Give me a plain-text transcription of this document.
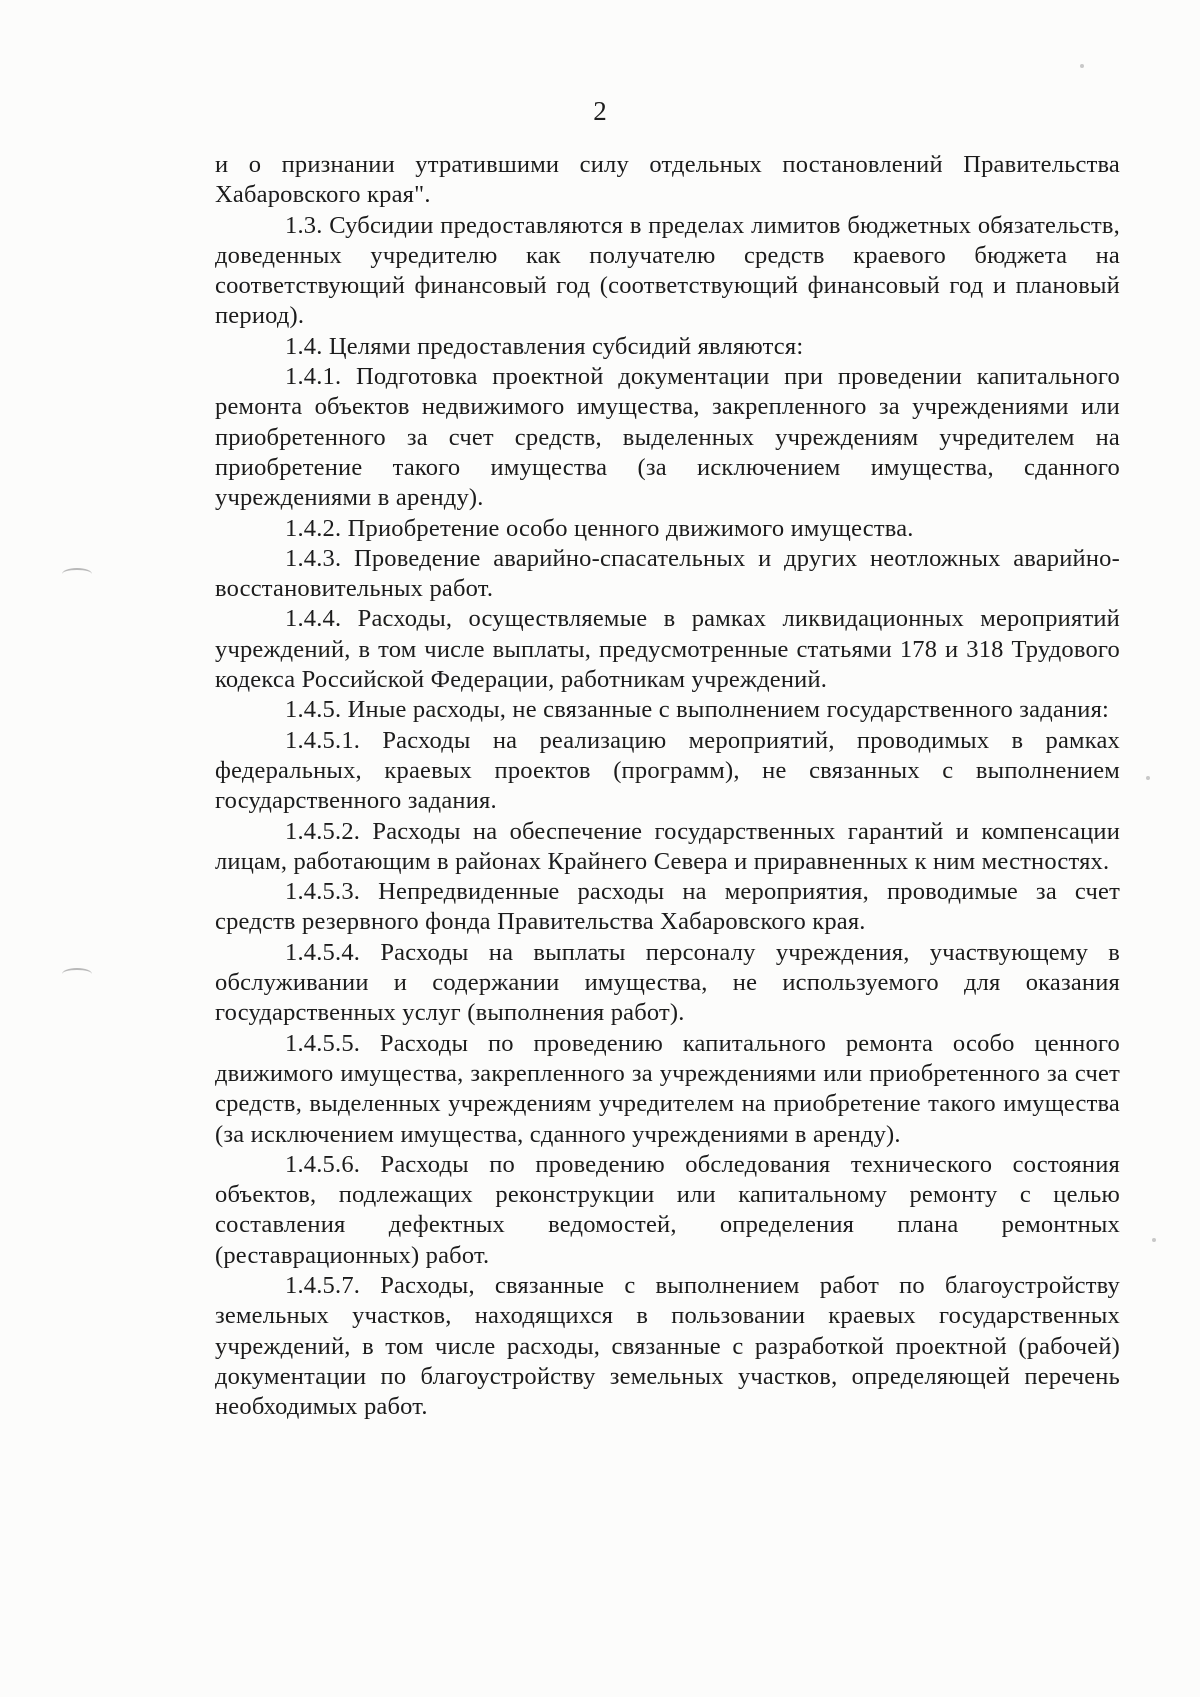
2

и о признании утратившими силу отдельных постановлений Правительства Хабаровского края".

1.3. Субсидии предоставляются в пределах лимитов бюджетных обязательств, доведенных учредителю как получателю средств краевого бюджета на соответствующий финансовый год (соответствующий финансовый год и плановый период).

1.4. Целями предоставления субсидий являются:

1.4.1. Подготовка проектной документации при проведении капитального ремонта объектов недвижимого имущества, закрепленного за учреждениями или приобретенного за счет средств, выделенных учреждениям учредителем на приобретение такого имущества (за исключением имущества, сданного учреждениями в аренду).

1.4.2. Приобретение особо ценного движимого имущества.

1.4.3. Проведение аварийно-спасательных и других неотложных аварийно-восстановительных работ.

1.4.4. Расходы, осуществляемые в рамках ликвидационных мероприятий учреждений, в том числе выплаты, предусмотренные статьями 178 и 318 Трудового кодекса Российской Федерации, работникам учреждений.

1.4.5. Иные расходы, не связанные с выполнением государственного задания:

1.4.5.1. Расходы на реализацию мероприятий, проводимых в рамках федеральных, краевых проектов (программ), не связанных с выполнением государственного задания.

1.4.5.2. Расходы на обеспечение государственных гарантий и компенсации лицам, работающим в районах Крайнего Севера и приравненных к ним местностях.

1.4.5.3. Непредвиденные расходы на мероприятия, проводимые за счет средств резервного фонда Правительства Хабаровского края.

1.4.5.4. Расходы на выплаты персоналу учреждения, участвующему в обслуживании и содержании имущества, не используемого для оказания государственных услуг (выполнения работ).

1.4.5.5. Расходы по проведению капитального ремонта особо ценного движимого имущества, закрепленного за учреждениями или приобретенного за счет средств, выделенных учреждениям учредителем на приобретение такого имущества (за исключением имущества, сданного учреждениями в аренду).

1.4.5.6. Расходы по проведению обследования технического состояния объектов, подлежащих реконструкции или капитальному ремонту с целью составления дефектных ведомостей, определения плана ремонтных (реставрационных) работ.

1.4.5.7. Расходы, связанные с выполнением работ по благоустройству земельных участков, находящихся в пользовании краевых государственных учреждений, в том числе расходы, связанные с разработкой проектной (рабочей) документации по благоустройству земельных участков, определяющей перечень необходимых работ.
